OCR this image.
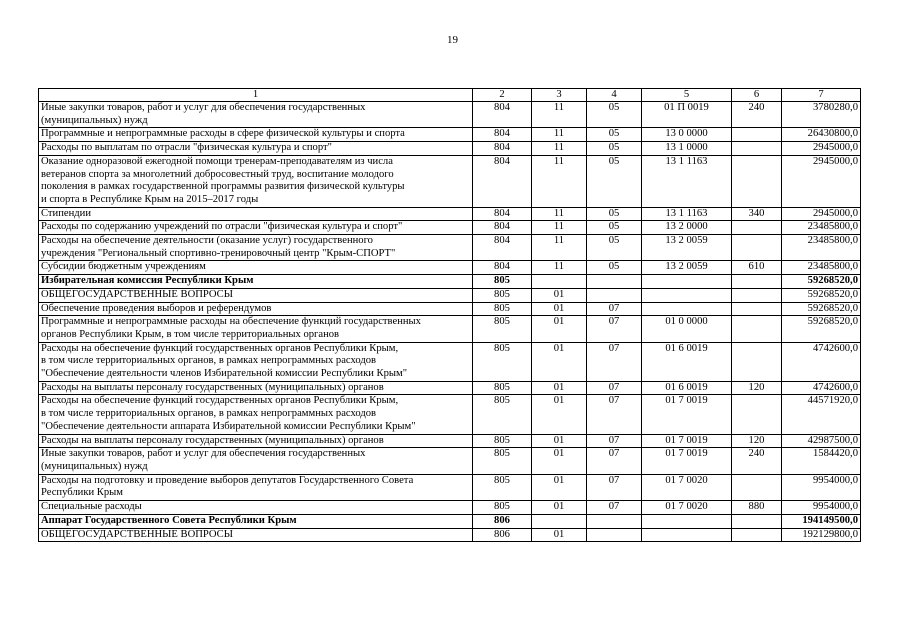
19
1	2	3	4	5	6	7

Иные закупки товаров, работ и услуг для обеспечения государственных
(муниципальных) нужд	804	11	05	01 П 0019	240	3780280,0

Программные и непрограммные расходы в сфере физической культуры и спорта	804	11	05	13 0 0000		26430800,0

Расходы по выплатам по отрасли "физическая культура и спорт"	804	11	05	13 1 0000		2945000,0

Оказание одноразовой ежегодной помощи тренерам-преподавателям из числа
ветеранов спорта за многолетний добросовестный труд, воспитание молодого
поколения в рамках государственной программы развития физической культуры
и спорта в Республике Крым на 2015–2017 годы	804	11	05	13 1 1163		2945000,0

Стипендии	804	11	05	13 1 1163	340	2945000,0

Расходы по содержанию учреждений по отрасли "физическая культура и спорт"	804	11	05	13 2 0000		23485800,0

Расходы на обеспечение деятельности (оказание услуг) государственного
учреждения "Региональный спортивно-тренировочный центр "Крым-СПОРТ"	804	11	05	13 2 0059		23485800,0

Субсидии бюджетным учреждениям	804	11	05	13 2 0059	610	23485800,0

Избирательная комиссия Республики Крым	805					59268520,0

ОБЩЕГОСУДАРСТВЕННЫЕ ВОПРОСЫ	805	01				59268520,0

Обеспечение проведения выборов и референдумов	805	01	07			59268520,0

Программные и непрограммные расходы на обеспечение функций государственных
органов Республики Крым, в том числе территориальных органов	805	01	07	01 0 0000		59268520,0

Расходы на обеспечение функций государственных органов Республики Крым,
в том числе территориальных органов, в рамках непрограммных расходов
"Обеспечение деятельности членов Избирательной комиссии Республики Крым"	805	01	07	01 6 0019		4742600,0

Расходы на выплаты персоналу государственных (муниципальных) органов	805	01	07	01 6 0019	120	4742600,0

Расходы на обеспечение функций государственных органов Республики Крым,
в том числе территориальных органов, в рамках непрограммных расходов
"Обеспечение деятельности аппарата Избирательной комиссии Республики Крым"	805	01	07	01 7 0019		44571920,0

Расходы на выплаты персоналу государственных (муниципальных) органов	805	01	07	01 7 0019	120	42987500,0

Иные закупки товаров, работ и услуг для обеспечения государственных
(муниципальных) нужд	805	01	07	01 7 0019	240	1584420,0

Расходы на подготовку и проведение выборов депутатов Государственного Совета
Республики Крым	805	01	07	01 7 0020		9954000,0

Специальные расходы	805	01	07	01 7 0020	880	9954000,0

Аппарат Государственного Совета Республики Крым	806					194149500,0

ОБЩЕГОСУДАРСТВЕННЫЕ ВОПРОСЫ	806	01				192129800,0
